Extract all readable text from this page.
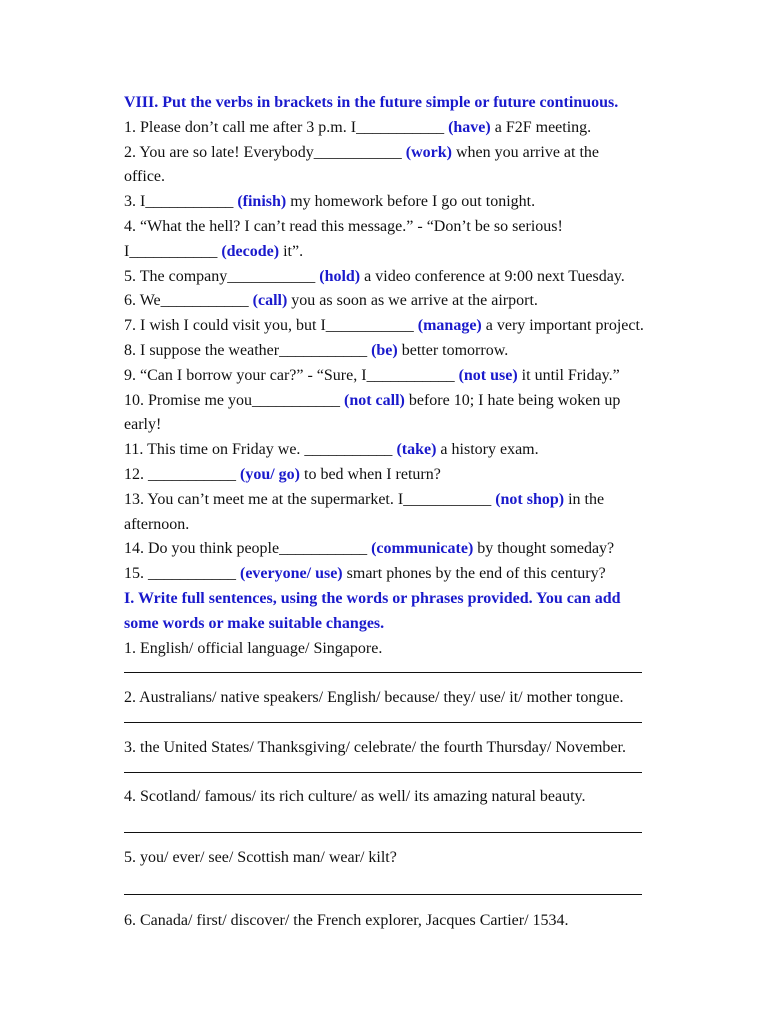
VIII. Put the verbs in brackets in the future simple or future continuous.
1. Please don’t call me after 3 p.m. I___________ (have) a F2F meeting.
2. You are so late! Everybody___________ (work) when you arrive at the
office.
3. I___________ (finish) my homework before I go out tonight.
4. “What the hell? I can’t read this message.” - “Don’t be so serious!
I___________ (decode) it”.
5. The company___________ (hold) a video conference at 9:00 next Tuesday.
6. We___________ (call) you as soon as we arrive at the airport.
7. I wish I could visit you, but I___________ (manage) a very important project.
8. I suppose the weather___________ (be) better tomorrow.
9. “Can I borrow your car?” - “Sure, I___________ (not use) it until Friday.”
10. Promise me you___________ (not call) before 10; I hate being woken up
early!
11. This time on Friday we. ___________ (take) a history exam.
12. ___________ (you/ go) to bed when I return?
13. You can’t meet me at the supermarket. I___________ (not shop) in the
afternoon.
14. Do you think people___________ (communicate) by thought someday?
15. ___________ (everyone/ use) smart phones by the end of this century?
I. Write full sentences, using the words or phrases provided. You can add
some words or make suitable changes.
1. English/ official language/ Singapore.
2. Australians/ native speakers/ English/ because/ they/ use/ it/ mother tongue.
3. the United States/ Thanksgiving/ celebrate/ the fourth Thursday/ November.
4. Scotland/ famous/ its rich culture/ as well/ its amazing natural beauty.
5. you/ ever/ see/ Scottish man/ wear/ kilt?
6. Canada/ first/ discover/ the French explorer, Jacques Cartier/ 1534.
